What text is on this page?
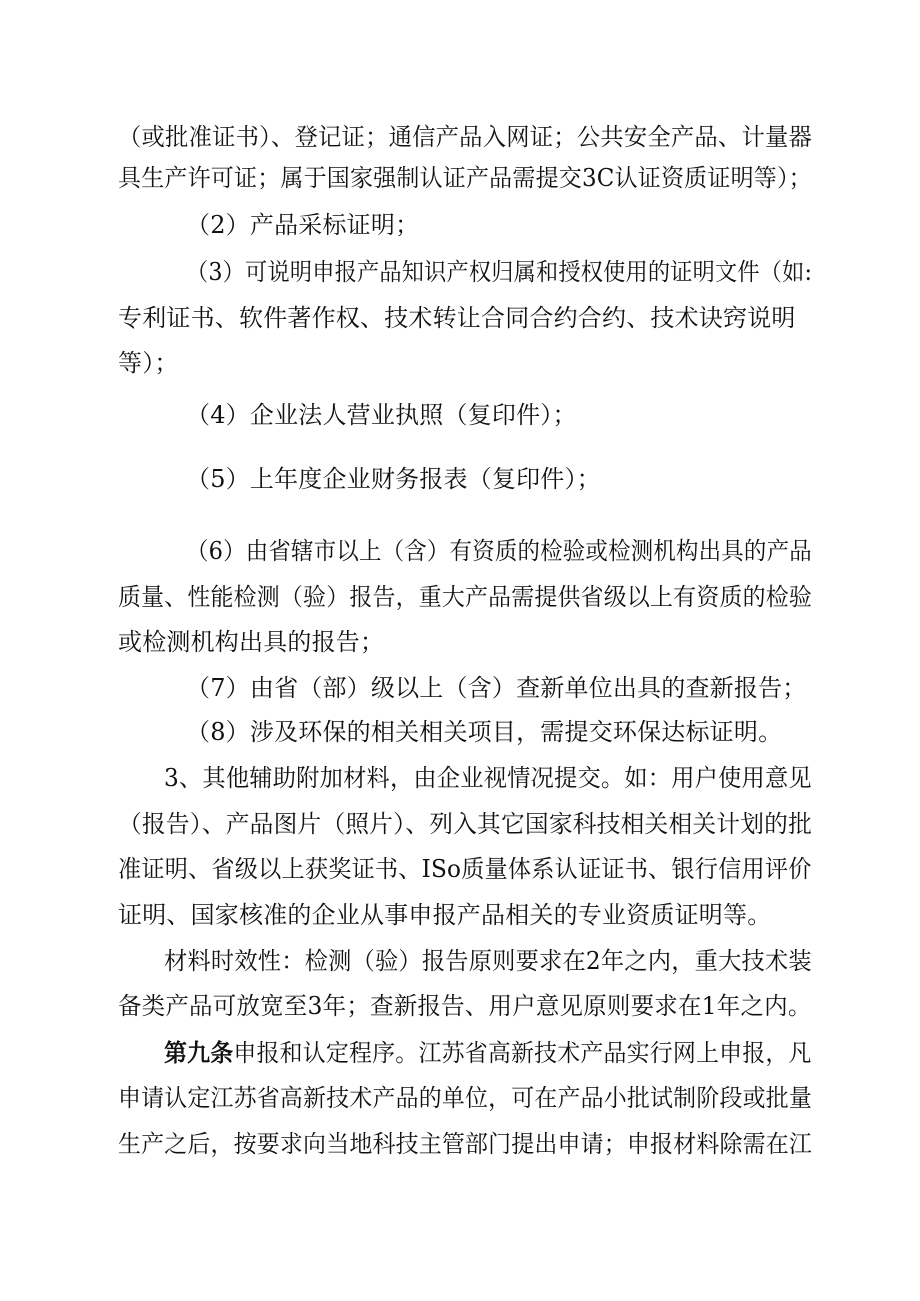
（或批准证书）、登记证；通信产品入网证；公共安全产品、计量器
具生产许可证；属于国家强制认证产品需提交3C认证资质证明等）；
（2）产品采标证明；
（3）可说明申报产品知识产权归属和授权使用的证明文件（如:
专利证书、软件著作权、技术转让合同合约合约、技术诀窍说明
等）；
（4）企业法人营业执照（复印件）；
（5）上年度企业财务报表（复印件）；
（6）由省辖市以上（含）有资质的检验或检测机构出具的产品
质量、性能检测（验）报告，重大产品需提供省级以上有资质的检验
或检测机构出具的报告；
（7）由省（部）级以上（含）查新单位出具的查新报告；
（8）涉及环保的相关相关项目，需提交环保达标证明。
3、其他辅助附加材料，由企业视情况提交。如：用户使用意见
（报告）、产品图片（照片）、列入其它国家科技相关相关计划的批
准证明、省级以上获奖证书、ISo质量体系认证证书、银行信用评价
证明、国家核准的企业从事申报产品相关的专业资质证明等。
材料时效性：检测（验）报告原则要求在2年之内，重大技术装
备类产品可放宽至3年；查新报告、用户意见原则要求在1年之内。
第九条申报和认定程序。江苏省高新技术产品实行网上申报，凡
申请认定江苏省高新技术产品的单位，可在产品小批试制阶段或批量
生产之后，按要求向当地科技主管部门提出申请；申报材料除需在江
